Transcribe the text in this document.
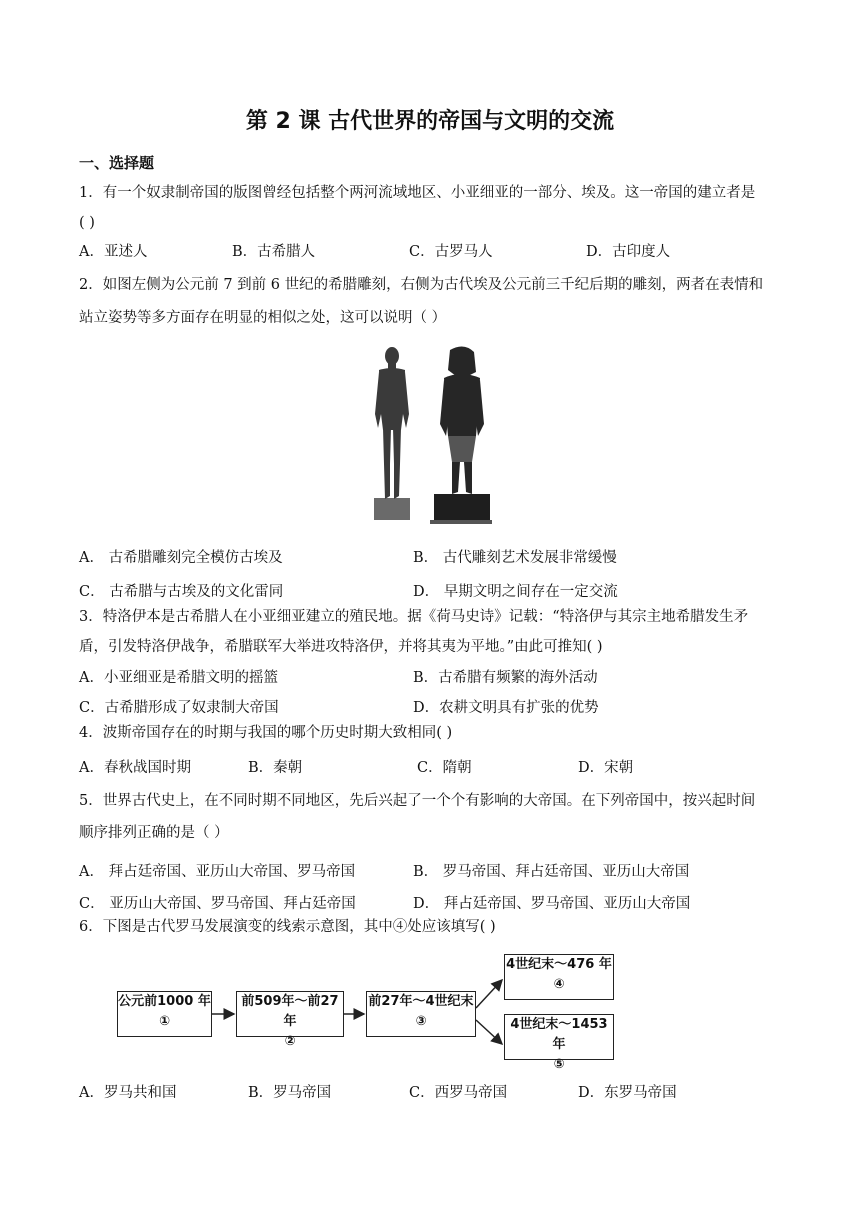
第 2 课 古代世界的帝国与文明的交流
一、选择题
1．有一个奴隶制帝国的版图曾经包括整个两河流域地区、小亚细亚的一部分、埃及。这一帝国的建立者是
( )
A．亚述人	B．古希腊人	C．古罗马人	D．古印度人
2．如图左侧为公元前 7 到前 6 世纪的希腊雕刻，右侧为古代埃及公元前三千纪后期的雕刻，两者在表情和
站立姿势等多方面存在明显的相似之处，这可以说明（ ）
A． 古希腊雕刻完全模仿古埃及	B． 古代雕刻艺术发展非常缓慢
C． 古希腊与古埃及的文化雷同	D． 早期文明之间存在一定交流
3．特洛伊本是古希腊人在小亚细亚建立的殖民地。据《荷马史诗》记载：“特洛伊与其宗主地希腊发生矛
盾，引发特洛伊战争，希腊联军大举进攻特洛伊，并将其夷为平地。”由此可推知( )
A．小亚细亚是希腊文明的摇篮	B．古希腊有频繁的海外活动
C．古希腊形成了奴隶制大帝国	D．农耕文明具有扩张的优势
4．波斯帝国存在的时期与我国的哪个历史时期大致相同( )
A．春秋战国时期	B．秦朝	C．隋朝	D．宋朝
5．世界古代史上，在不同时期不同地区，先后兴起了一个个有影响的大帝国。在下列帝国中，按兴起时间
顺序排列正确的是（ ）
A． 拜占廷帝国、亚历山大帝国、罗马帝国	B． 罗马帝国、拜占廷帝国、亚历山大帝国
C． 亚历山大帝国、罗马帝国、拜占廷帝国	D． 拜占廷帝国、罗马帝国、亚历山大帝国
6．下图是古代罗马发展演变的线索示意图，其中④处应该填写( )
公元前1000 年
①
前509年～前27年
②
前27年～4世纪末
③
4世纪末～476 年
④
4世纪末～1453年
⑤
A．罗马共和国	B．罗马帝国	C．西罗马帝国	D．东罗马帝国
